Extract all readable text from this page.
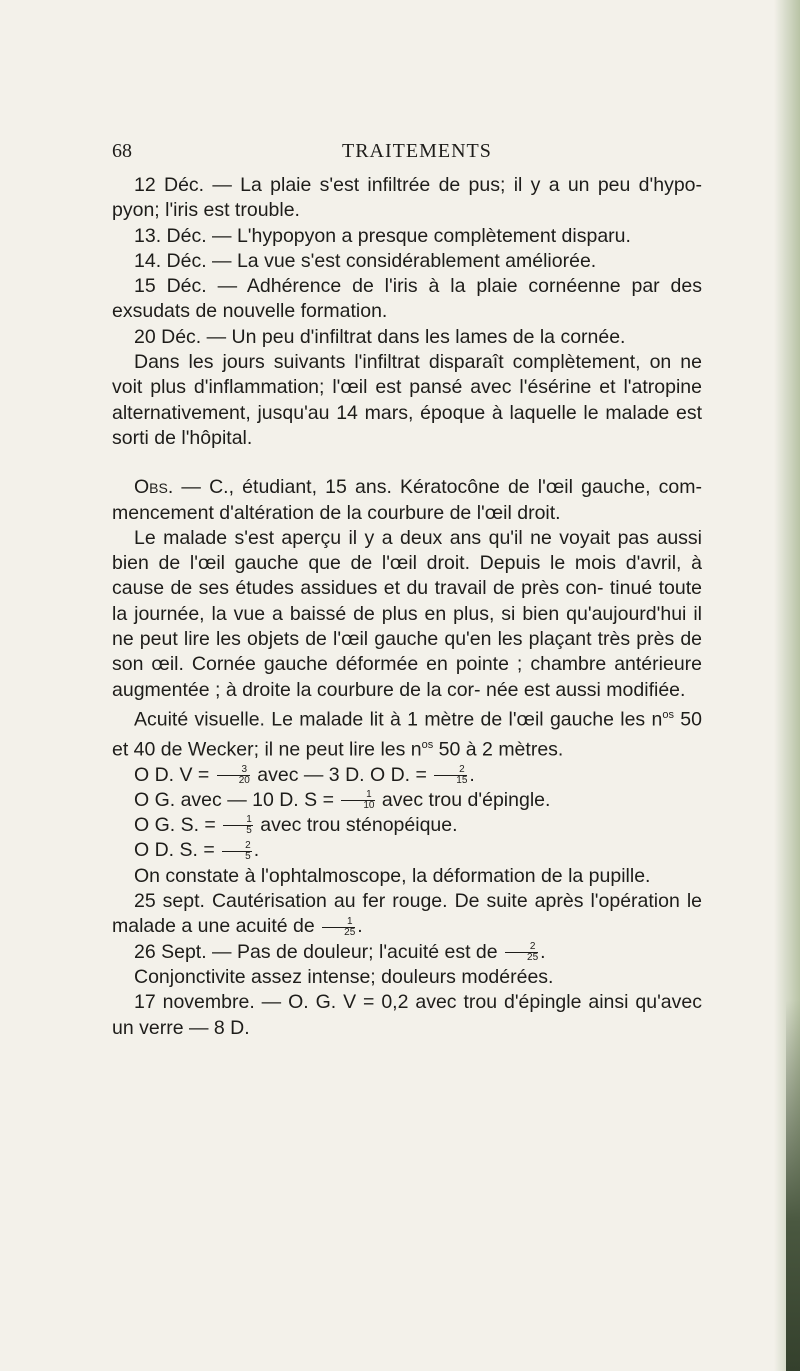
68	TRAITEMENTS

12 Déc. — La plaie s'est infiltrée de pus; il y a un peu d'hypo- pyon; l'iris est trouble.

13. Déc. — L'hypopyon a presque complètement disparu.

14. Déc. — La vue s'est considérablement améliorée.

15 Déc. — Adhérence de l'iris à la plaie cornéenne par des exsudats de nouvelle formation.

20 Déc. — Un peu d'infiltrat dans les lames de la cornée.

Dans les jours suivants l'infiltrat disparaît complètement, on ne voit plus d'inflammation; l'œil est pansé avec l'ésérine et l'atropine alternativement, jusqu'au 14 mars, époque à laquelle le malade est sorti de l'hôpital.

Obs. — C., étudiant, 15 ans. Kératocône de l'œil gauche, com- mencement d'altération de la courbure de l'œil droit.

Le malade s'est aperçu il y a deux ans qu'il ne voyait pas aussi bien de l'œil gauche que de l'œil droit. Depuis le mois d'avril, à cause de ses études assidues et du travail de près con- tinué toute la journée, la vue a baissé de plus en plus, si bien qu'aujourd'hui il ne peut lire les objets de l'œil gauche qu'en les plaçant très près de son œil. Cornée gauche déformée en pointe ; chambre antérieure augmentée ; à droite la courbure de la cor- née est aussi modifiée.

Acuité visuelle. Le malade lit à 1 mètre de l'œil gauche les $n^{os}$ 50 et 40 de Wecker; il ne peut lire les $n^{os}$ 50 à 2 mètres.

O D. $V = \frac{3}{20}$ avec — 3 D. O D. = $\frac{2}{15}$ .

O G. avec — 10 D. $S = \frac{1}{10}$ avec trou d'épingle.

O G. S. = $\frac{1}{5}$ avec trou sténopéique.

O D. S. = $\frac{2}{5}$ .

On constate à l'ophtalmoscope, la déformation de la pupille.

25 sept. Cautérisation au fer rouge. De suite après l'opération le malade a une acuité de $\frac{1}{25}$ .

26 Sept. — Pas de douleur; l'acuité est de $\frac{2}{25}$ .

Conjonctivite assez intense; douleurs modérées.

17 novembre. — O. G. V = 0,2 avec trou d'épingle ainsi qu'avec un verre — 8 D.
